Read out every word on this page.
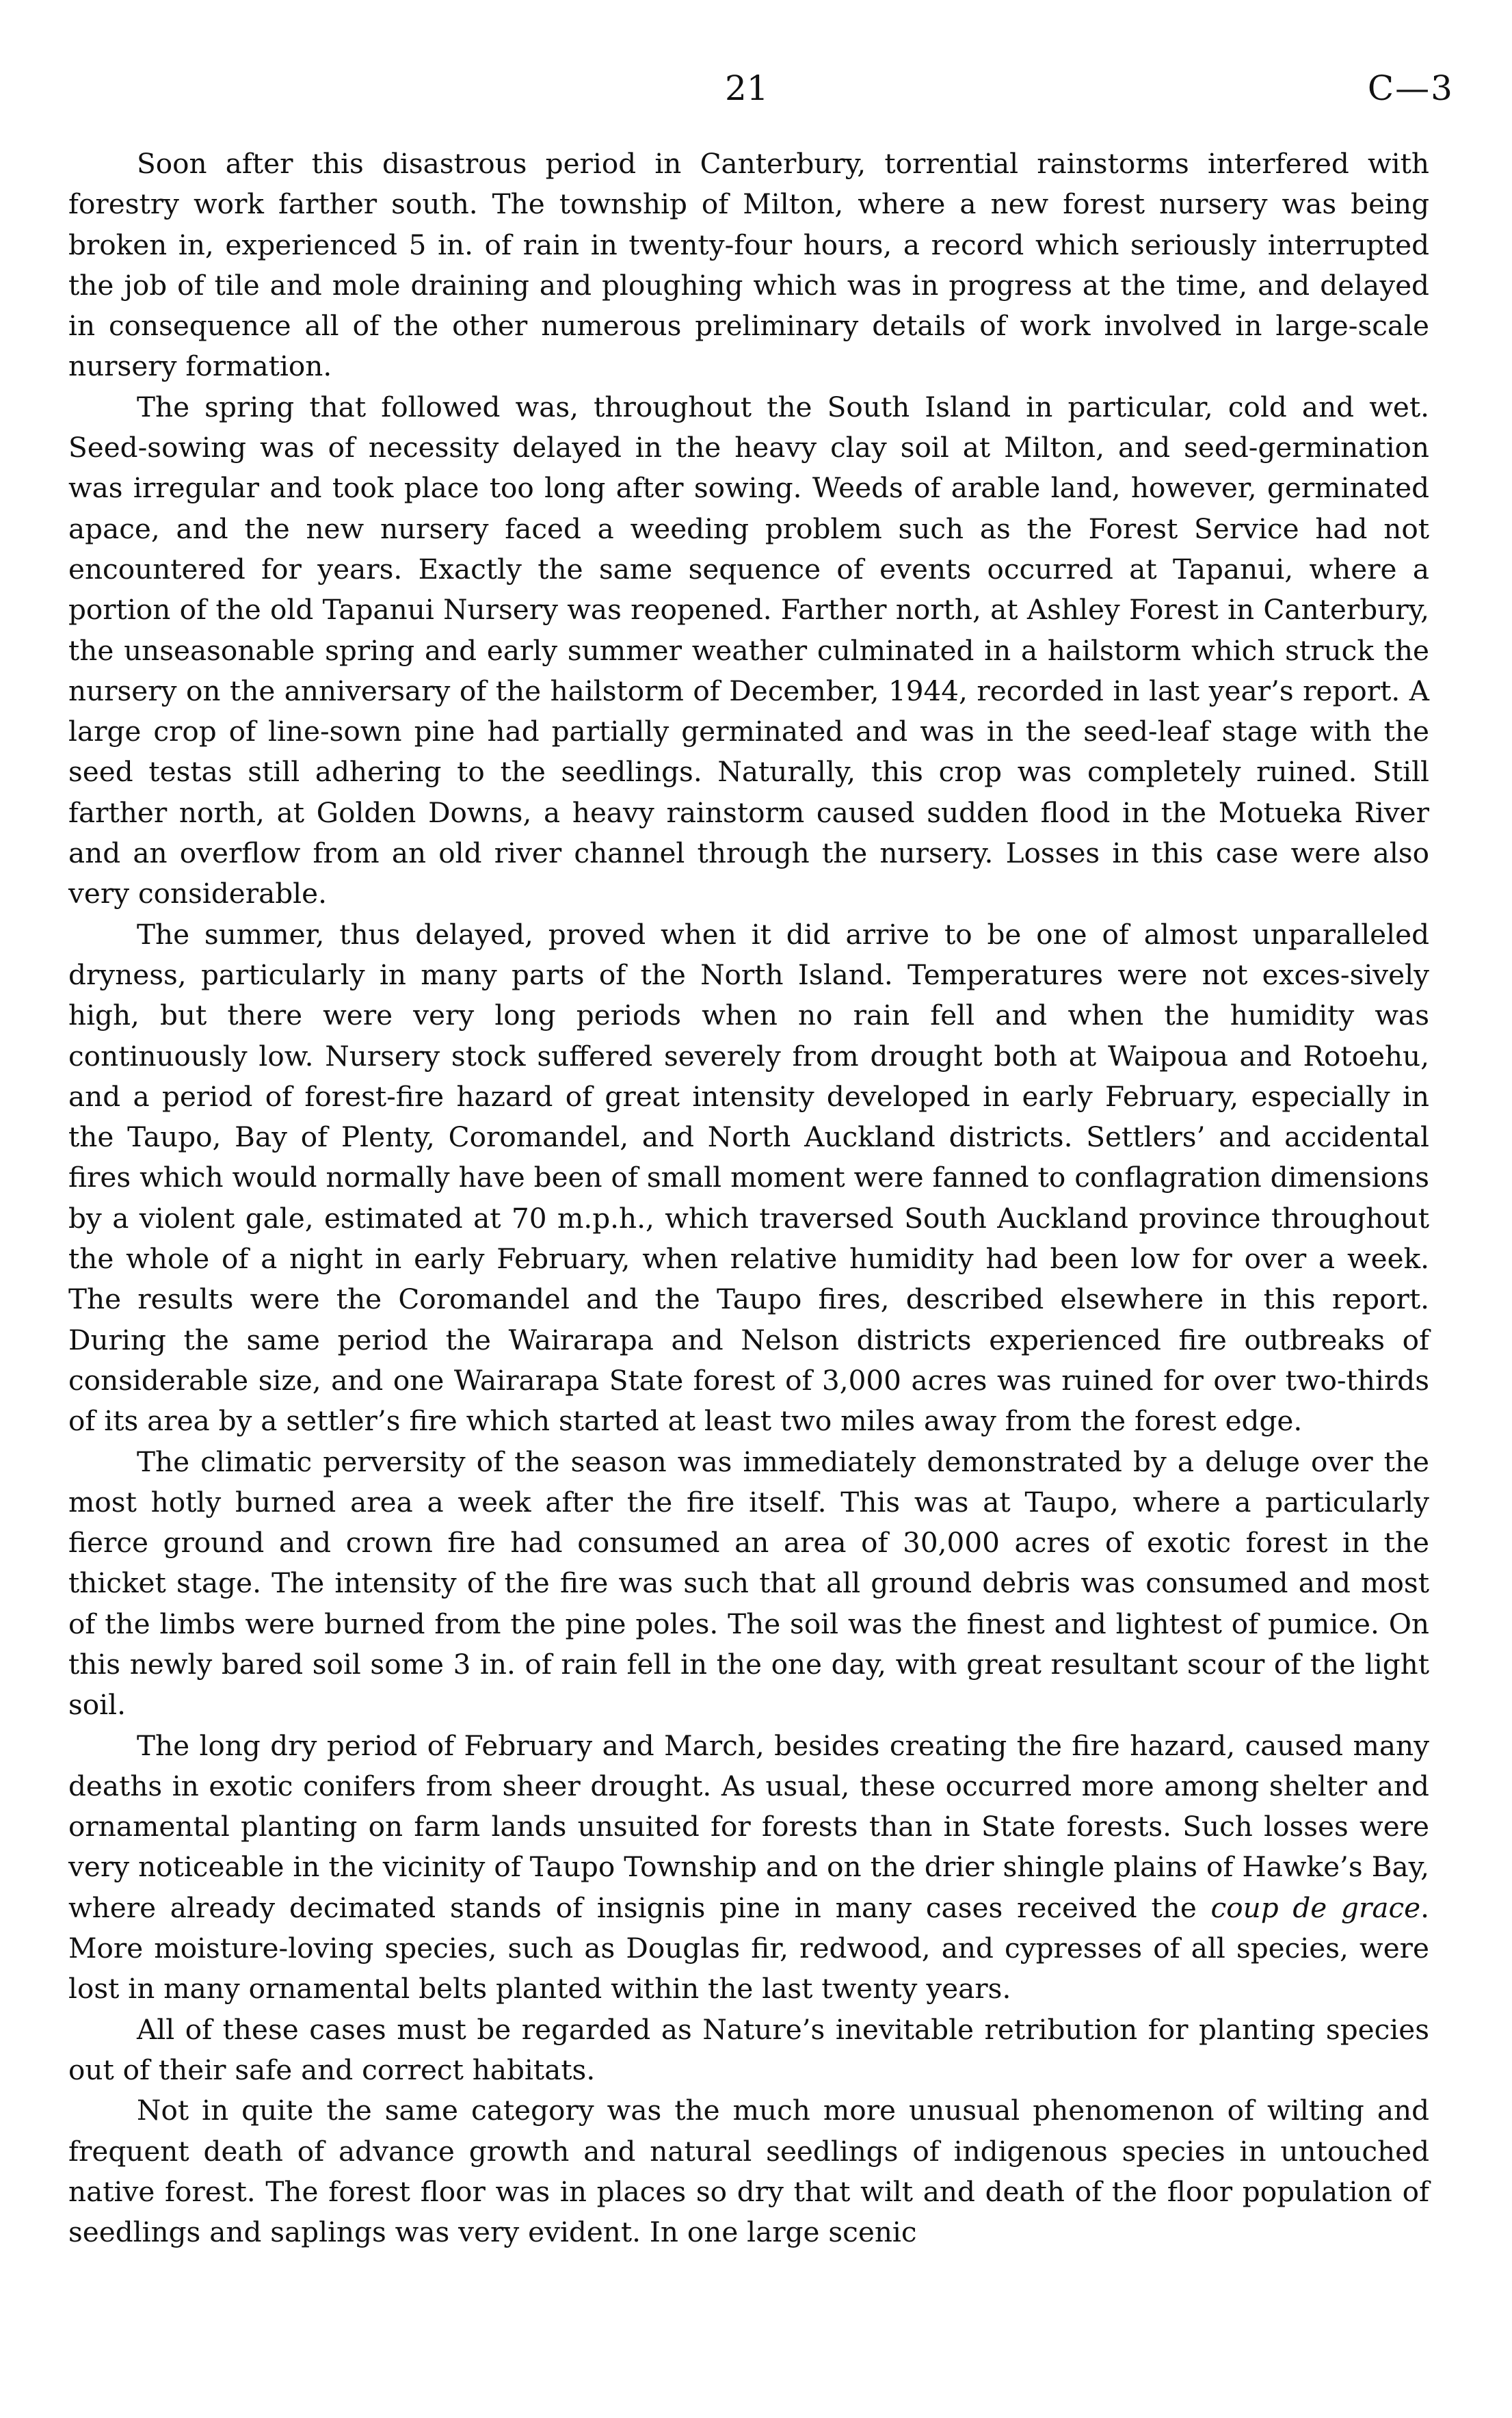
21	C—3

Soon after this disastrous period in Canterbury, torrential rainstorms interfered with forestry work farther south. The township of Milton, where a new forest nursery was being broken in, experienced 5 in. of rain in twenty-four hours, a record which seriously interrupted the job of tile and mole draining and ploughing which was in progress at the time, and delayed in consequence all of the other numerous preliminary details of work involved in large-scale nursery formation.

The spring that followed was, throughout the South Island in particular, cold and wet. Seed-sowing was of necessity delayed in the heavy clay soil at Milton, and seed-germination was irregular and took place too long after sowing. Weeds of arable land, however, germinated apace, and the new nursery faced a weeding problem such as the Forest Service had not encountered for years. Exactly the same sequence of events occurred at Tapanui, where a portion of the old Tapanui Nursery was reopened. Farther north, at Ashley Forest in Canterbury, the unseasonable spring and early summer weather culminated in a hailstorm which struck the nursery on the anniversary of the hailstorm of December, 1944, recorded in last year’s report. A large crop of line-sown pine had partially germinated and was in the seed-leaf stage with the seed testas still adhering to the seedlings. Naturally, this crop was completely ruined. Still farther north, at Golden Downs, a heavy rainstorm caused sudden flood in the Motueka River and an overflow from an old river channel through the nursery. Losses in this case were also very considerable.

The summer, thus delayed, proved when it did arrive to be one of almost unparalleled dryness, particularly in many parts of the North Island. Temperatures were not exces-sively high, but there were very long periods when no rain fell and when the humidity was continuously low. Nursery stock suffered severely from drought both at Waipoua and Rotoehu, and a period of forest-fire hazard of great intensity developed in early February, especially in the Taupo, Bay of Plenty, Coromandel, and North Auckland districts. Settlers’ and accidental fires which would normally have been of small moment were fanned to conflagration dimensions by a violent gale, estimated at 70 m.p.h., which traversed South Auckland province throughout the whole of a night in early February, when relative humidity had been low for over a week. The results were the Coromandel and the Taupo fires, described elsewhere in this report. During the same period the Wairarapa and Nelson districts experienced fire outbreaks of considerable size, and one Wairarapa State forest of 3,000 acres was ruined for over two-thirds of its area by a settler’s fire which started at least two miles away from the forest edge.

The climatic perversity of the season was immediately demonstrated by a deluge over the most hotly burned area a week after the fire itself. This was at Taupo, where a particularly fierce ground and crown fire had consumed an area of 30,000 acres of exotic forest in the thicket stage. The intensity of the fire was such that all ground debris was consumed and most of the limbs were burned from the pine poles. The soil was the finest and lightest of pumice. On this newly bared soil some 3 in. of rain fell in the one day, with great resultant scour of the light soil.

The long dry period of February and March, besides creating the fire hazard, caused many deaths in exotic conifers from sheer drought. As usual, these occurred more among shelter and ornamental planting on farm lands unsuited for forests than in State forests. Such losses were very noticeable in the vicinity of Taupo Township and on the drier shingle plains of Hawke’s Bay, where already decimated stands of insignis pine in many cases received the coup de grace. More moisture-loving species, such as Douglas fir, redwood, and cypresses of all species, were lost in many ornamental belts planted within the last twenty years.

All of these cases must be regarded as Nature’s inevitable retribution for planting species out of their safe and correct habitats.

Not in quite the same category was the much more unusual phenomenon of wilting and frequent death of advance growth and natural seedlings of indigenous species in untouched native forest. The forest floor was in places so dry that wilt and death of the floor population of seedlings and saplings was very evident. In one large scenic
